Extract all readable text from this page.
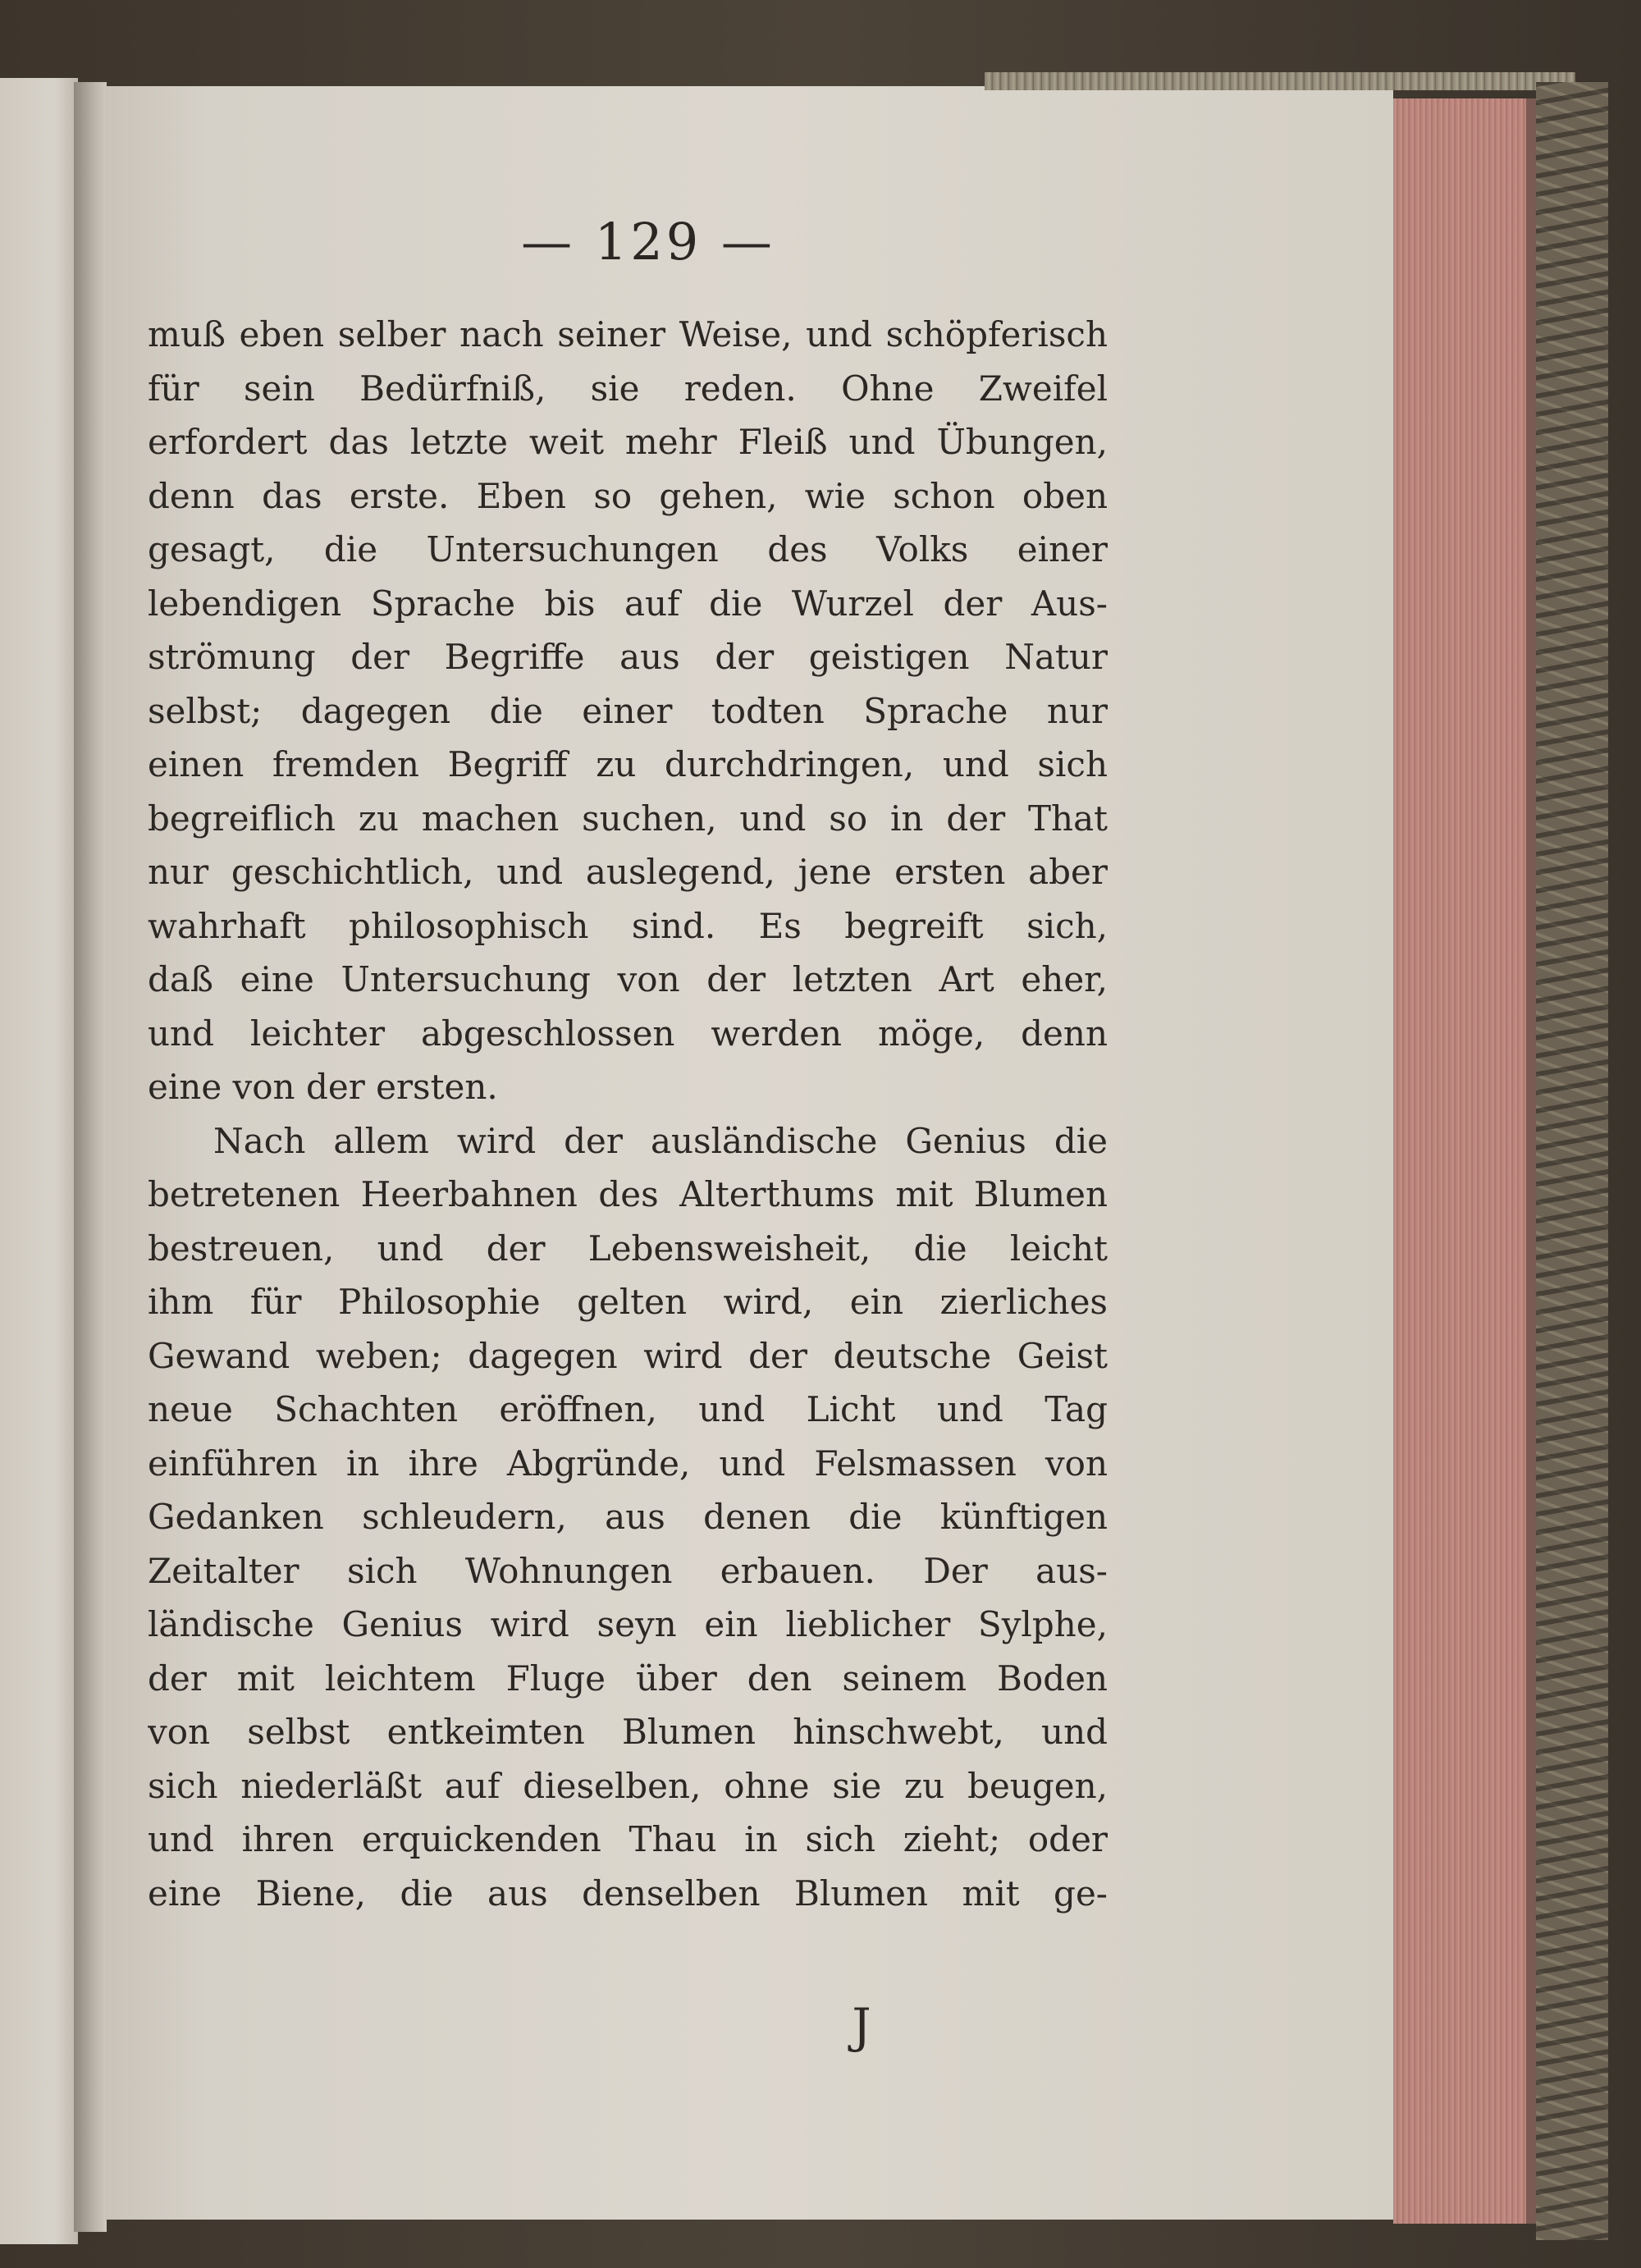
— 129 —
muß eben selber nach seiner Weise, und schöpferisch
für sein Bedürfniß, sie reden. Ohne Zweifel
erfordert das letzte weit mehr Fleiß und Übungen,
denn das erste. Eben so gehen, wie schon oben
gesagt, die Untersuchungen des Volks einer
lebendigen Sprache bis auf die Wurzel der Aus-
strömung der Begriffe aus der geistigen Natur
selbst; dagegen die einer todten Sprache nur
einen fremden Begriff zu durchdringen, und sich
begreiflich zu machen suchen, und so in der That
nur geschichtlich, und auslegend, jene ersten aber
wahrhaft philosophisch sind. Es begreift sich,
daß eine Untersuchung von der letzten Art eher,
und leichter abgeschlossen werden möge, denn
eine von der ersten.
Nach allem wird der ausländische Genius die
betretenen Heerbahnen des Alterthums mit Blumen
bestreuen, und der Lebensweisheit, die leicht
ihm für Philosophie gelten wird, ein zierliches
Gewand weben; dagegen wird der deutsche Geist
neue Schachten eröffnen, und Licht und Tag
einführen in ihre Abgründe, und Felsmassen von
Gedanken schleudern, aus denen die künftigen
Zeitalter sich Wohnungen erbauen. Der aus-
ländische Genius wird seyn ein lieblicher Sylphe,
der mit leichtem Fluge über den seinem Boden
von selbst entkeimten Blumen hinschwebt, und
sich niederläßt auf dieselben, ohne sie zu beugen,
und ihren erquickenden Thau in sich zieht; oder
eine Biene, die aus denselben Blumen mit ge-
J
